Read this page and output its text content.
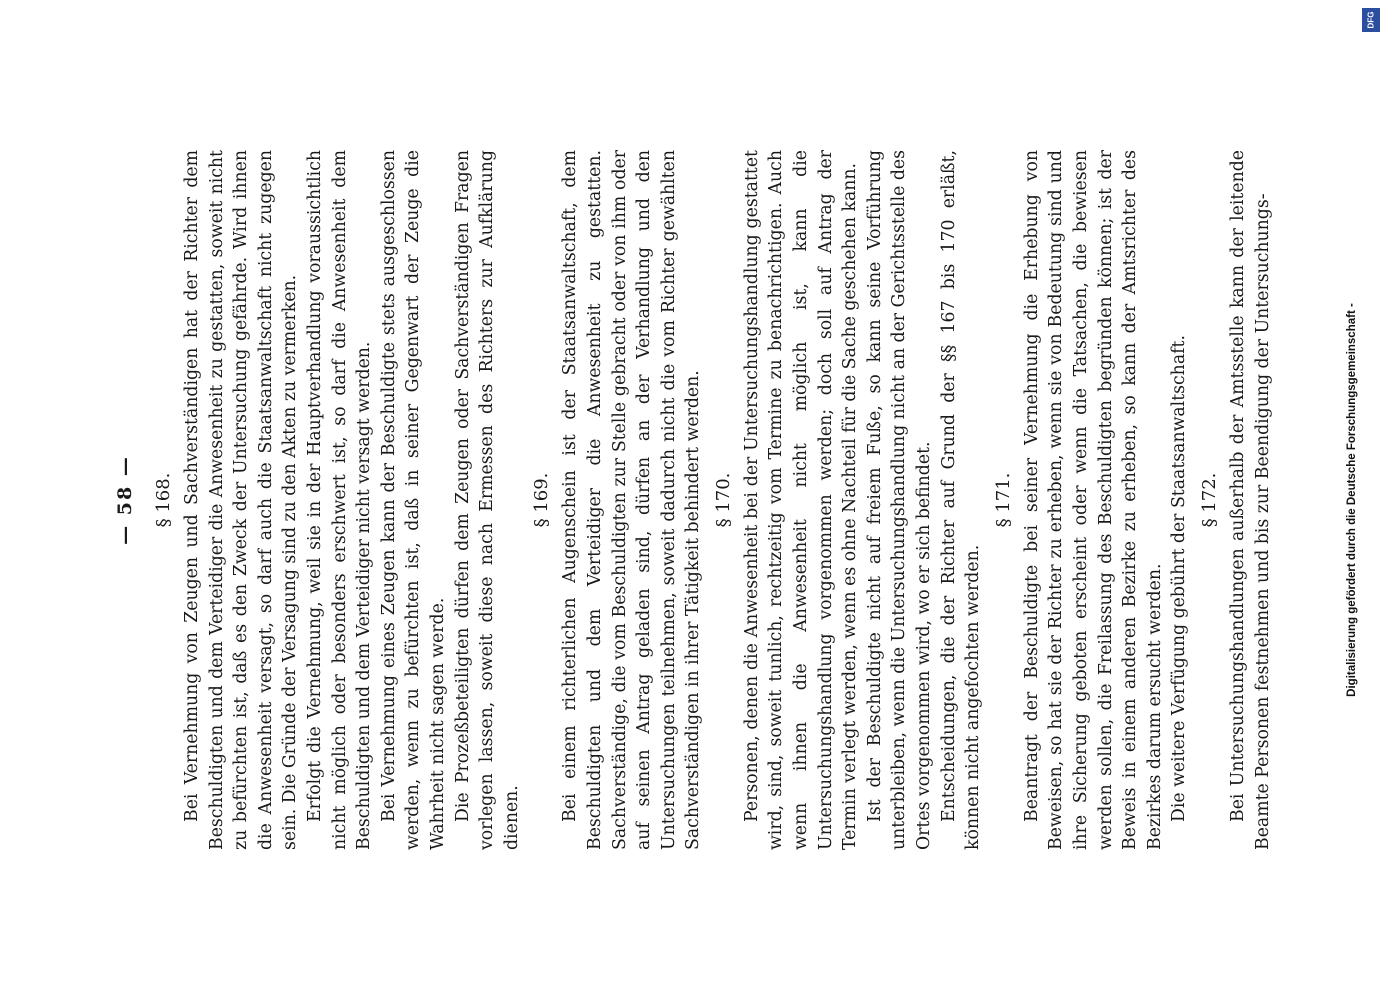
— 58 — § 168. Bei Vernehmung von Zeugen und Sachverständigen hat der Richter dem Beschuldigten und dem Verteidiger die Anwesenheit zu gestatten, soweit nicht zu befürchten ist, daß es den Zweck der Untersuchung gefährde. Wird ihnen die Anwesenheit versagt, so darf auch die Staatsanwaltschaft nicht zugegen sein. Die Gründe der Versagung sind zu den Akten zu vermerken. Erfolgt die Vernehmung, weil sie in der Hauptverhandlung voraussichtlich nicht möglich oder besonders erschwert ist, so darf die Anwesenheit dem Beschuldigten und dem Verteidiger nicht versagt werden. Bei Vernehmung eines Zeugen kann der Beschuldigte stets ausgeschlossen werden, wenn zu befürchten ist, daß in seiner Gegenwart der Zeuge die Wahrheit nicht sagen werde. Die Prozeßbeteiligten dürfen dem Zeugen oder Sachverständigen Fragen vorlegen lassen, soweit diese nach Ermessen des Richters zur Aufklärung dienen.

§ 169. Bei einem richterlichen Augenschein ist der Staatsanwaltschaft, dem Beschuldigten und dem Verteidiger die Anwesenheit zu gestatten. Sachverständige, die vom Beschuldigten zur Stelle gebracht oder von ihm oder auf seinen Antrag geladen sind, dürfen an der Verhandlung und den Untersuchungen teilnehmen, soweit dadurch nicht die vom Richter gewählten Sachverständigen in ihrer Tätigkeit behindert werden. § 170. Personen, denen die Anwesenheit bei der Untersuchungshandlung gestattet wird, sind, soweit tunlich, rechtzeitig vom Termine zu benachrichtigen. Auch wenn ihnen die Anwesenheit nicht möglich ist, kann die Untersuchungshandlung vorgenommen werden; doch soll auf Antrag der Termin verlegt werden, wenn es ohne Nachteil für die Sache geschehen kann. Ist der Beschuldigte nicht auf freiem Fuße, so kann seine Vorführung unterbleiben, wenn die Untersuchungshandlung nicht an der Gerichtsstelle des Ortes vorgenommen wird, wo er sich befindet. Entscheidungen, die der Richter auf Grund der §§ 167 bis 170 erläßt, können nicht angefochten werden.

§ 171. Beantragt der Beschuldigte bei seiner Vernehmung die Erhebung von Beweisen, so hat sie der Richter zu erheben, wenn sie von Bedeutung sind und ihre Sicherung geboten erscheint oder wenn die Tatsachen, die bewiesen werden sollen, die Freilassung des Beschuldigten begründen können; ist der Beweis in einem anderen Bezirke zu erheben, so kann der Amtsrichter des Bezirkes darum ersucht werden. Die weitere Verfügung gebührt der Staatsanwaltschaft. § 172. Bei Untersuchungshandlungen außerhalb der Amtsstelle kann der leitende Beamte Personen festnehmen und bis zur Beendigung der Untersuchungs-	Digitalisierung gefördert durch die Deutsche Forschungsgemeinschaft -
DFG
